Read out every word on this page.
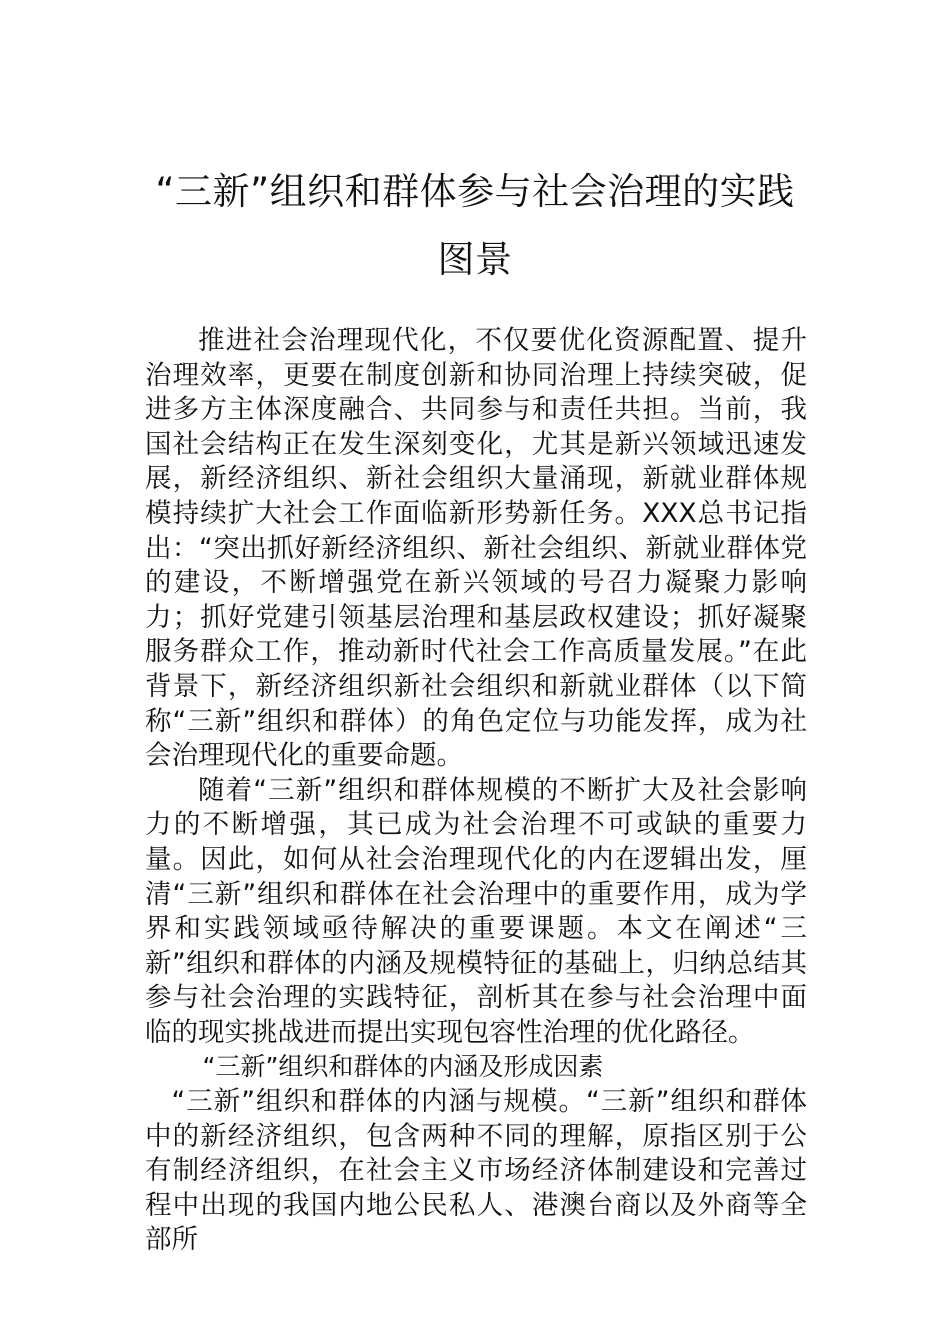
“三新”组织和群体参与社会治理的实践图景

推进社会治理现代化，不仅要优化资源配置、提升治理效率，更要在制度创新和协同治理上持续突破，促进多方主体深度融合、共同参与和责任共担。当前，我国社会结构正在发生深刻变化，尤其是新兴领域迅速发展，新经济组织、新社会组织大量涌现，新就业群体规模持续扩大社会工作面临新形势新任务。XXX总书记指出：“突出抓好新经济组织、新社会组织、新就业群体党的建设，不断增强党在新兴领域的号召力凝聚力影响力；抓好党建引领基层治理和基层政权建设；抓好凝聚服务群众工作，推动新时代社会工作高质量发展。”在此背景下，新经济组织新社会组织和新就业群体（以下简称“三新”组织和群体）的角色定位与功能发挥，成为社会治理现代化的重要命题。

随着“三新”组织和群体规模的不断扩大及社会影响力的不断增强，其已成为社会治理不可或缺的重要力量。因此，如何从社会治理现代化的内在逻辑出发，厘清“三新”组织和群体在社会治理中的重要作用，成为学界和实践领域亟待解决的重要课题。本文在阐述“三新”组织和群体的内涵及规模特征的基础上，归纳总结其参与社会治理的实践特征，剖析其在参与社会治理中面临的现实挑战进而提出实现包容性治理的优化路径。

“三新”组织和群体的内涵及形成因素

“三新”组织和群体的内涵与规模。“三新”组织和群体中的新经济组织，包含两种不同的理解，原指区别于公有制经济组织，在社会主义市场经济体制建设和完善过程中出现的我国内地公民私人、港澳台商以及外商等全部所
